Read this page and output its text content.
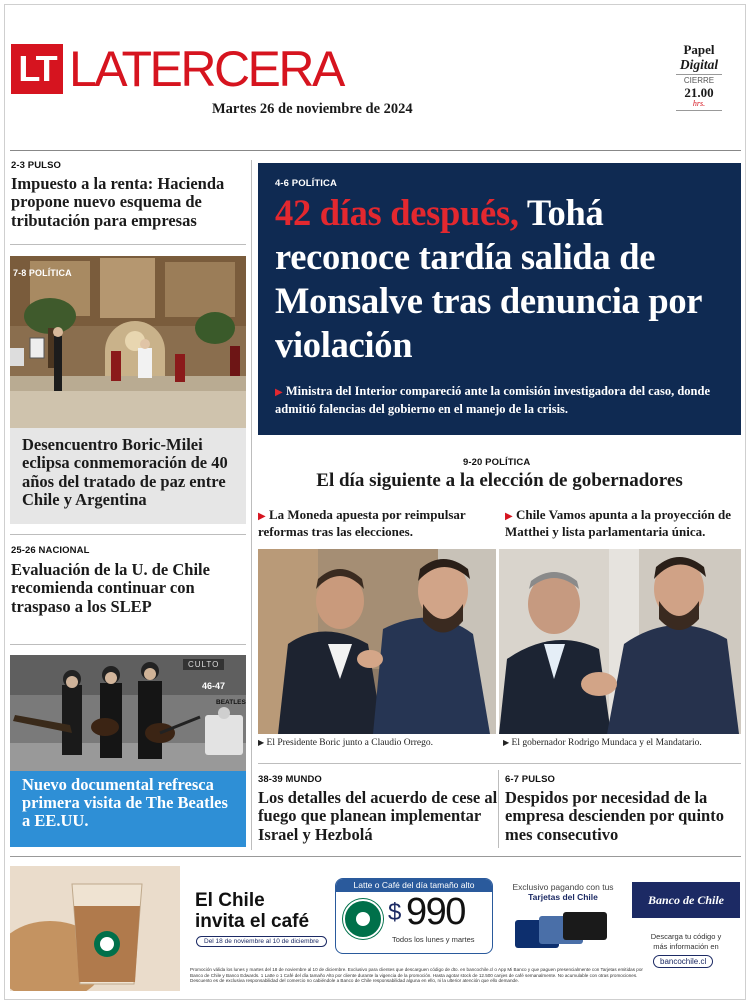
LT LATERCERA
Martes 26 de noviembre de 2024
Papel
Digital
CIERRE
21.00
hrs.
2-3 PULSO
Impuesto a la renta: Hacienda propone nuevo esquema de tributación para empresas
7-8 POLÍTICA
Desencuentro Boric-Milei eclipsa conmemoración de 40 años del tratado de paz entre Chile y Argentina
25-26 NACIONAL
Evaluación de la U. de Chile recomienda continuar con traspaso a los SLEP
CULTO
46-47
BEATLES
Nuevo documental refresca primera visita de The Beatles a EE.UU.
4-6 POLÍTICA
42 días después, Tohá reconoce tardía salida de Monsalve tras denuncia por violación
▶ Ministra del Interior compareció ante la comisión investigadora del caso, donde admitió falencias del gobierno en el manejo de la crisis.
9-20 POLÍTICA
El día siguiente a la elección de gobernadores
▶ La Moneda apuesta por reimpulsar reformas tras las elecciones.
▶ Chile Vamos apunta a la proyección de Matthei y lista parlamentaria única.
▶ El Presidente Boric junto a Claudio Orrego.	▶ El gobernador Rodrigo Mundaca y el Mandatario.
38-39 MUNDO
Los detalles del acuerdo de cese al fuego que planean implementar Israel y Hezbolá
6-7 PULSO
Despidos por necesidad de la empresa descienden por quinto mes consecutivo
El Chile
invita el café
Del 18 de noviembre al 10 de diciembre
Latte o Café del día tamaño alto
$ 990
Todos los lunes y martes
Exclusivo pagando con tus
Tarjetas del Chile	Banco de Chile
Descarga tu código y
más información en
bancochile.cl
Promoción válida los lunes y martes del 18 de noviembre al 10 de diciembre. Exclusivo para clientes que descarguen código de dto. en bancochile.cl o App Mi Banco y que paguen presencialmente con Tarjetas emitidas por Banco de Chile y Banco Edwards. 1 Latte o 1 Café del día tamaño Alto por cliente durante la vigencia de la promoción. Hasta agotar stock de 12.500 canjes de café semanalmente. No acumulable con otras promociones. Descuento es de exclusiva responsabilidad del comercio no cabiéndole a Banco de Chile responsabilidad alguna en ello, ni la ulterior atención que ello demande.
